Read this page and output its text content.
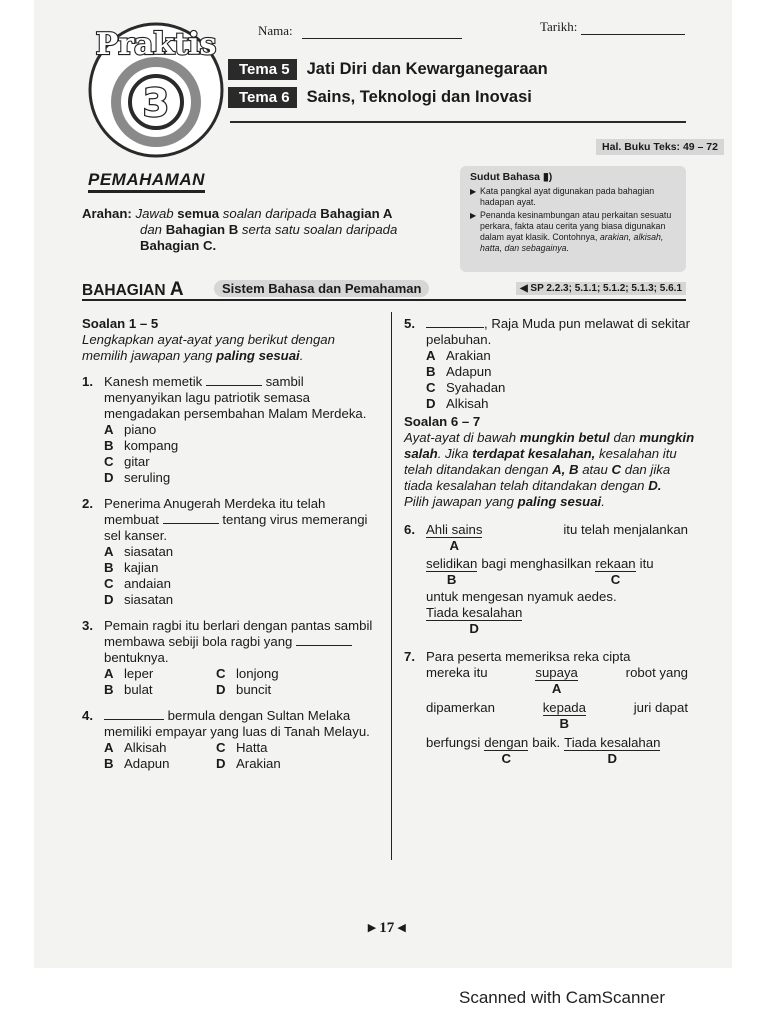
Praktis
3
Nama:	Tarikh:
Tema 5	Jati Diri dan Kewarganegaraan
Tema 6	Sains, Teknologi dan Inovasi
Hal. Buku Teks: 49 – 72
PEMAHAMAN
Arahan: Jawab semua soalan daripada Bahagian A
dan Bahagian B serta satu soalan daripada
Bahagian C.
Sudut Bahasa ▮)
▶ Kata pangkal ayat digunakan pada bahagian hadapan ayat.
▶ Penanda kesinambungan atau perkaitan sesuatu perkara, fakta atau cerita yang biasa digunakan dalam ayat klasik. Contohnya, arakian, alkisah, hatta, dan sebagainya.
BAHAGIAN A	Sistem Bahasa dan Pemahaman	◀ SP 2.2.3; 5.1.1; 5.1.2; 5.1.3; 5.6.1
Soalan 1 – 5
Lengkapkan ayat-ayat yang berikut dengan memilih jawapan yang paling sesuai.
1. Kanesh memetik	sambil menyanyikan lagu patriotik semasa mengadakan persembahan Malam Merdeka.
A piano
B kompang
C gitar
D seruling
2. Penerima Anugerah Merdeka itu telah membuat	tentang virus memerangi sel kanser.
A siasatan
B kajian
C andaian
D siasatan
3. Pemain ragbi itu berlari dengan pantas sambil membawa sebiji bola ragbi yang  bentuknya.
A leper	C lonjong
B bulat	D buncit
4.	bermula dengan Sultan Melaka memiliki empayar yang luas di Tanah Melayu.
A Alkisah	C Hatta
B Adapun	D Arakian
5.	, Raja Muda pun melawat di sekitar pelabuhan.
A Arakian
B Adapun
C Syahadan
D Alkisah
Soalan 6 – 7
Ayat-ayat di bawah mungkin betul dan mungkin salah. Jika terdapat kesalahan, kesalahan itu telah ditandakan dengan A, B atau C dan jika tiada kesalahan telah ditandakan dengan D.
Pilih jawapan yang paling sesuai.
6. Ahli sains
A
itu telah menjalankan
selidikan
B
bagi menghasilkan rekaan
C
itu
untuk mengesan nyamuk aedes.
Tiada kesalahan
D
7. Para peserta memeriksa reka cipta
mereka itu	supaya
A
robot yang
dipamerkan	kepada
B
juri dapat
berfungsi dengan
C
baik. Tiada kesalahan
D
▸ 17 ◂
Scanned with CamScanner
